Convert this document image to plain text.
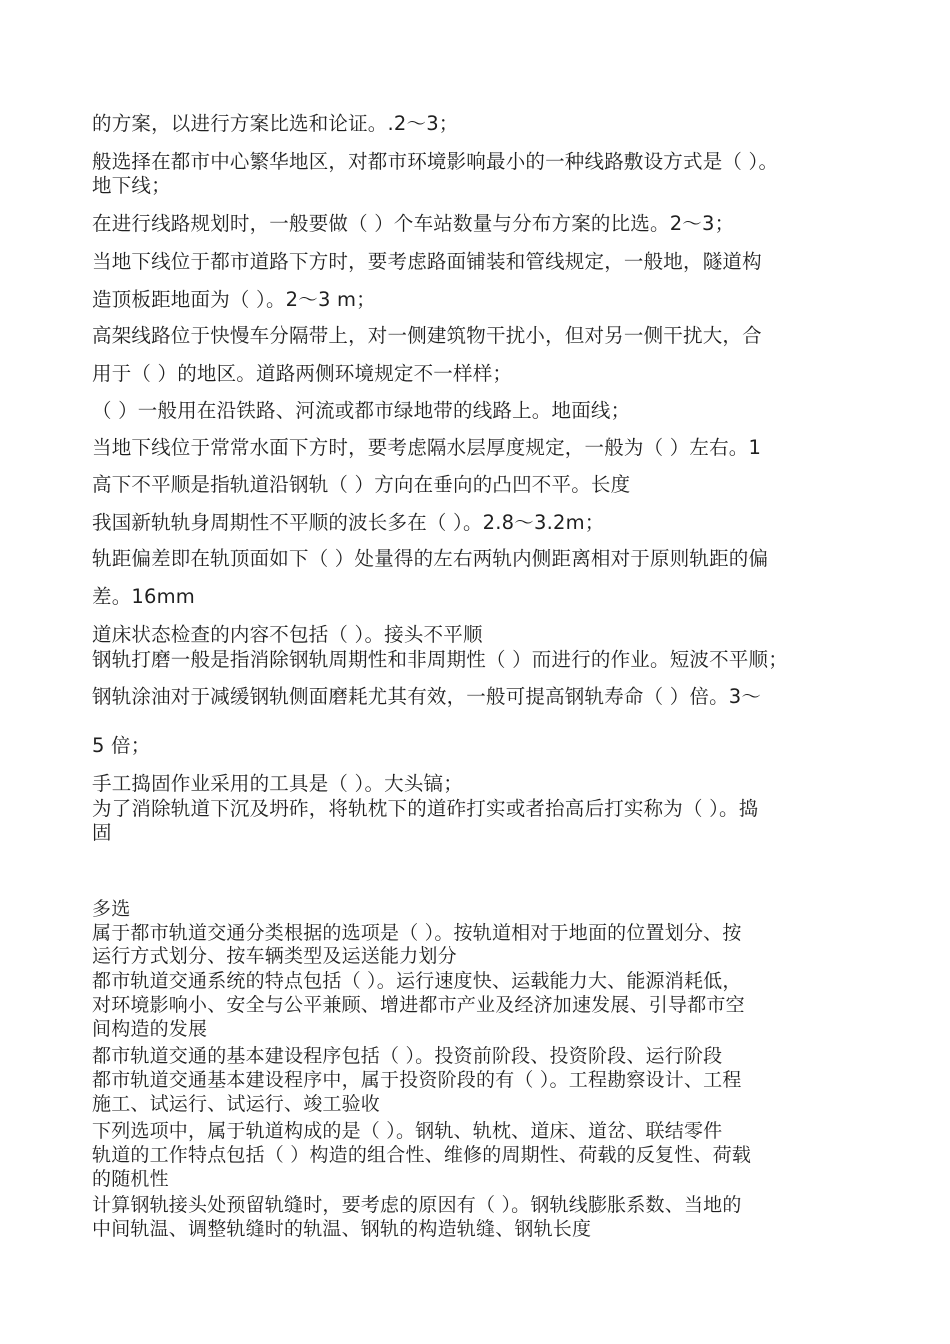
的方案，以进行方案比选和论证。.2～3；
般选择在都市中心繁华地区，对都市环境影响最小的一种线路敷设方式是（ ）。
地下线；
在进行线路规划时，一般要做（ ）个车站数量与分布方案的比选。2～3；
当地下线位于都市道路下方时，要考虑路面铺装和管线规定，一般地，隧道构
造顶板距地面为（ ）。2～3 m；
高架线路位于快慢车分隔带上，对一侧建筑物干扰小，但对另一侧干扰大，合
用于（ ）的地区。道路两侧环境规定不一样样；
（ ）一般用在沿铁路、河流或都市绿地带的线路上。地面线；
当地下线位于常常水面下方时，要考虑隔水层厚度规定，一般为（ ）左右。1
高下不平顺是指轨道沿钢轨（ ）方向在垂向的凸凹不平。长度
我国新轨轨身周期性不平顺的波长多在（ ）。2.8～3.2m；
轨距偏差即在轨顶面如下（ ）处量得的左右两轨内侧距离相对于原则轨距的偏
差。16mm
道床状态检查的内容不包括（ ）。接头不平顺
钢轨打磨一般是指消除钢轨周期性和非周期性（ ）而进行的作业。短波不平顺；
钢轨涂油对于减缓钢轨侧面磨耗尤其有效，一般可提高钢轨寿命（ ）倍。3～
5 倍；
手工捣固作业采用的工具是（ ）。大头镐；
为了消除轨道下沉及坍砟，将轨枕下的道砟打实或者抬高后打实称为（ ）。捣
固
多选
属于都市轨道交通分类根据的选项是（ ）。按轨道相对于地面的位置划分、按
运行方式划分、按车辆类型及运送能力划分
都市轨道交通系统的特点包括（ ）。运行速度快、运载能力大、能源消耗低，
对环境影响小、安全与公平兼顾、增进都市产业及经济加速发展、引导都市空
间构造的发展
都市轨道交通的基本建设程序包括（ ）。投资前阶段、投资阶段、运行阶段
都市轨道交通基本建设程序中，属于投资阶段的有（ ）。工程勘察设计、工程
施工、试运行、试运行、竣工验收
下列选项中，属于轨道构成的是（ ）。钢轨、轨枕、道床、道岔、联结零件
轨道的工作特点包括（ ）构造的组合性、维修的周期性、荷载的反复性、荷载
的随机性
计算钢轨接头处预留轨缝时，要考虑的原因有（ ）。钢轨线膨胀系数、当地的
中间轨温、调整轨缝时的轨温、钢轨的构造轨缝、钢轨长度
